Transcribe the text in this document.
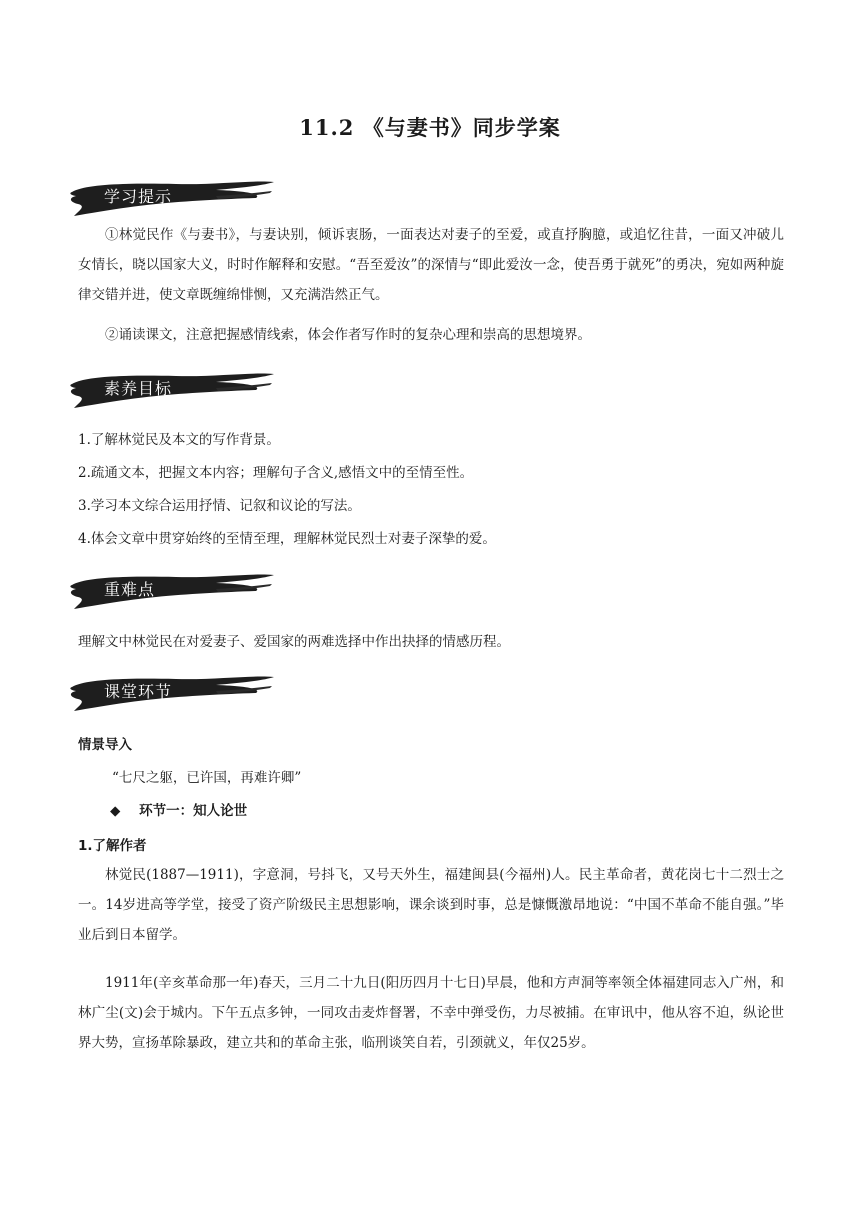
11.2 《与妻书》同步学案
学习提示

①林觉民作《与妻书》，与妻诀别，倾诉衷肠，一面表达对妻子的至爱，或直抒胸臆，或追忆往昔，一面又冲破儿女情长，晓以国家大义，时时作解释和安慰。“吾至爱汝”的深情与“即此爱汝一念，使吾勇于就死”的勇决，宛如两种旋律交错并进，使文章既缠绵悱恻，又充满浩然正气。

②诵读课文，注意把握感情线索，体会作者写作时的复杂心理和崇高的思想境界。

素养目标
1.了解林觉民及本文的写作背景。
2.疏通文本，把握文本内容；理解句子含义,感悟文中的至情至性。
3.学习本文综合运用抒情、记叙和议论的写法。
4.体会文章中贯穿始终的至情至理，理解林觉民烈士对妻子深挚的爱。
重难点
理解文中林觉民在对爱妻子、爱国家的两难选择中作出抉择的情感历程。
课堂环节
情景导入
“七尺之躯，已许国，再难许卿”
◆ 环节一：知人论世
1.了解作者

林觉民(1887—1911)，字意洞，号抖飞，又号天外生，福建闽县(今福州)人。民主革命者，黄花岗七十二烈士之一。14岁进高等学堂，接受了资产阶级民主思想影响，课余谈到时事，总是慷慨激昂地说：“中国不革命不能自强。”毕业后到日本留学。

1911年(辛亥革命那一年)春天，三月二十九日(阳历四月十七日)早晨，他和方声洞等率领全体福建同志入广州，和林广尘(文)会于城内。下午五点多钟，一同攻击麦炸督署，不幸中弹受伤，力尽被捕。在审讯中，他从容不迫，纵论世界大势，宣扬革除暴政，建立共和的革命主张，临刑谈笑自若，引颈就义，年仅25岁。
